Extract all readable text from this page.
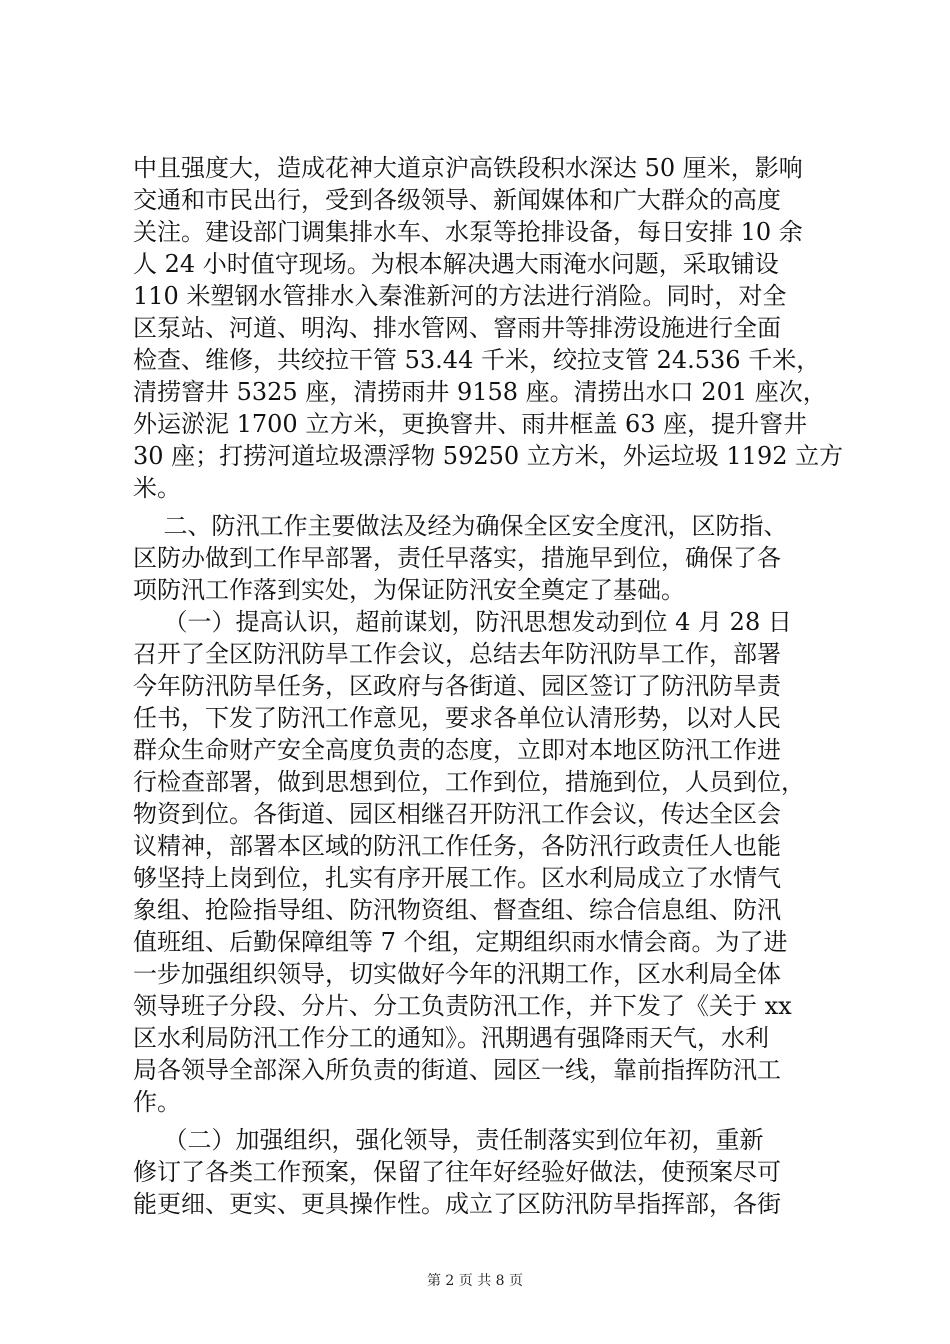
中且强度大，造成花神大道京沪高铁段积水深达 50 厘米，影响
交通和市民出行，受到各级领导、新闻媒体和广大群众的高度
关注。建设部门调集排水车、水泵等抢排设备，每日安排 10 余
人 24 小时值守现场。为根本解决遇大雨淹水问题，采取铺设
110 米塑钢水管排水入秦淮新河的方法进行消险。同时，对全
区泵站、河道、明沟、排水管网、窨雨井等排涝设施进行全面
检查、维修，共绞拉干管 53.44 千米，绞拉支管 24.536 千米，
清捞窨井 5325 座，清捞雨井 9158 座。清捞出水口 201 座次，
外运淤泥 1700 立方米，更换窨井、雨井框盖 63 座，提升窨井
30 座；打捞河道垃圾漂浮物 59250 立方米，外运垃圾 1192 立方
米。
二、防汛工作主要做法及经为确保全区安全度汛，区防指、
区防办做到工作早部署，责任早落实，措施早到位，确保了各
项防汛工作落到实处，为保证防汛安全奠定了基础。
（一）提高认识，超前谋划，防汛思想发动到位 4 月 28 日
召开了全区防汛防旱工作会议，总结去年防汛防旱工作，部署
今年防汛防旱任务，区政府与各街道、园区签订了防汛防旱责
任书，下发了防汛工作意见，要求各单位认清形势，以对人民
群众生命财产安全高度负责的态度，立即对本地区防汛工作进
行检查部署，做到思想到位，工作到位，措施到位，人员到位，
物资到位。各街道、园区相继召开防汛工作会议，传达全区会
议精神，部署本区域的防汛工作任务，各防汛行政责任人也能
够坚持上岗到位，扎实有序开展工作。区水利局成立了水情气
象组、抢险指导组、防汛物资组、督查组、综合信息组、防汛
值班组、后勤保障组等 7 个组，定期组织雨水情会商。为了进
一步加强组织领导，切实做好今年的汛期工作，区水利局全体
领导班子分段、分片、分工负责防汛工作，并下发了《关于 xx
区水利局防汛工作分工的通知》。汛期遇有强降雨天气，水利
局各领导全部深入所负责的街道、园区一线，靠前指挥防汛工
作。
（二）加强组织，强化领导，责任制落实到位年初，重新
修订了各类工作预案，保留了往年好经验好做法，使预案尽可
能更细、更实、更具操作性。成立了区防汛防旱指挥部，各街
第 2 页 共 8 页
